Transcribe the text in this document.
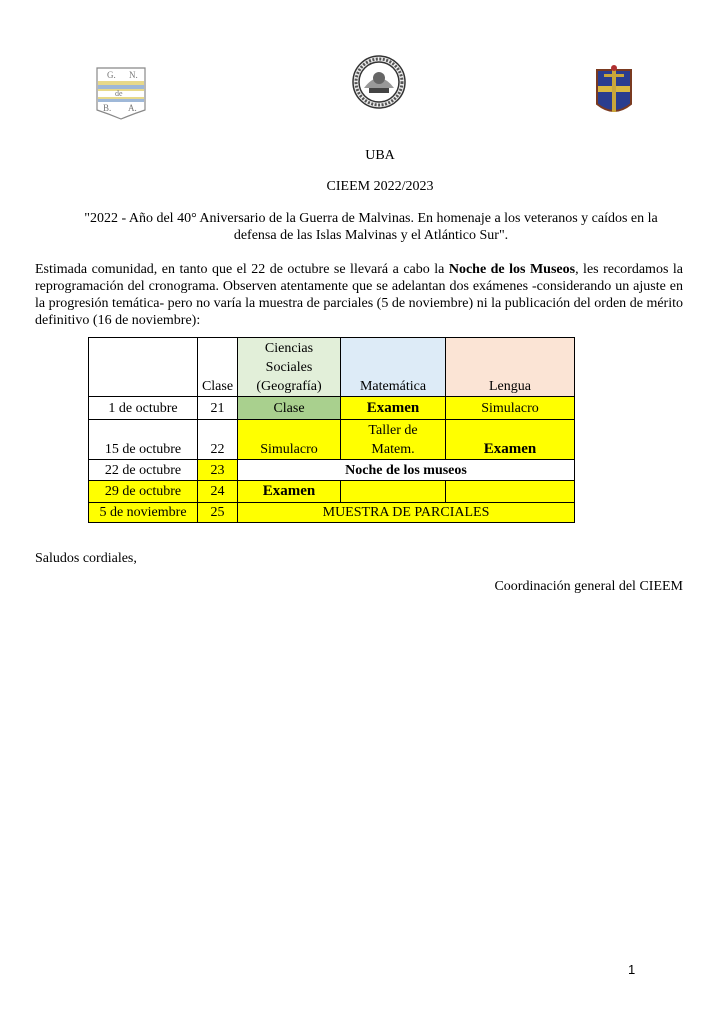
G. N.
de
B. A.
UBA
CIEEM 2022/2023
"2022 - Año del 40° Aniversario de la Guerra de Malvinas. En homenaje a los veteranos y caídos en la defensa de las Islas Malvinas y el Atlántico Sur".
Estimada comunidad, en tanto que el 22 de octubre se llevará a cabo la Noche de los Museos, les recordamos la reprogramación del cronograma. Observen atentamente que se adelantan dos exámenes -considerando un ajuste en la progresión temática- pero no varía la muestra de parciales (5 de noviembre) ni la publicación del orden de mérito definitivo (16 de noviembre):
	Clase	Ciencias
Sociales
(Geografía)	Matemática	Lengua
1 de octubre	21	Clase	Examen	Simulacro
15 de octubre	22	Simulacro	Taller de
Matem.	Examen
22 de octubre	23	Noche de los museos		
29 de octubre	24	Examen		
5 de noviembre	25	MUESTRA DE PARCIALES		
Saludos cordiales,
Coordinación general del CIEEM
1
